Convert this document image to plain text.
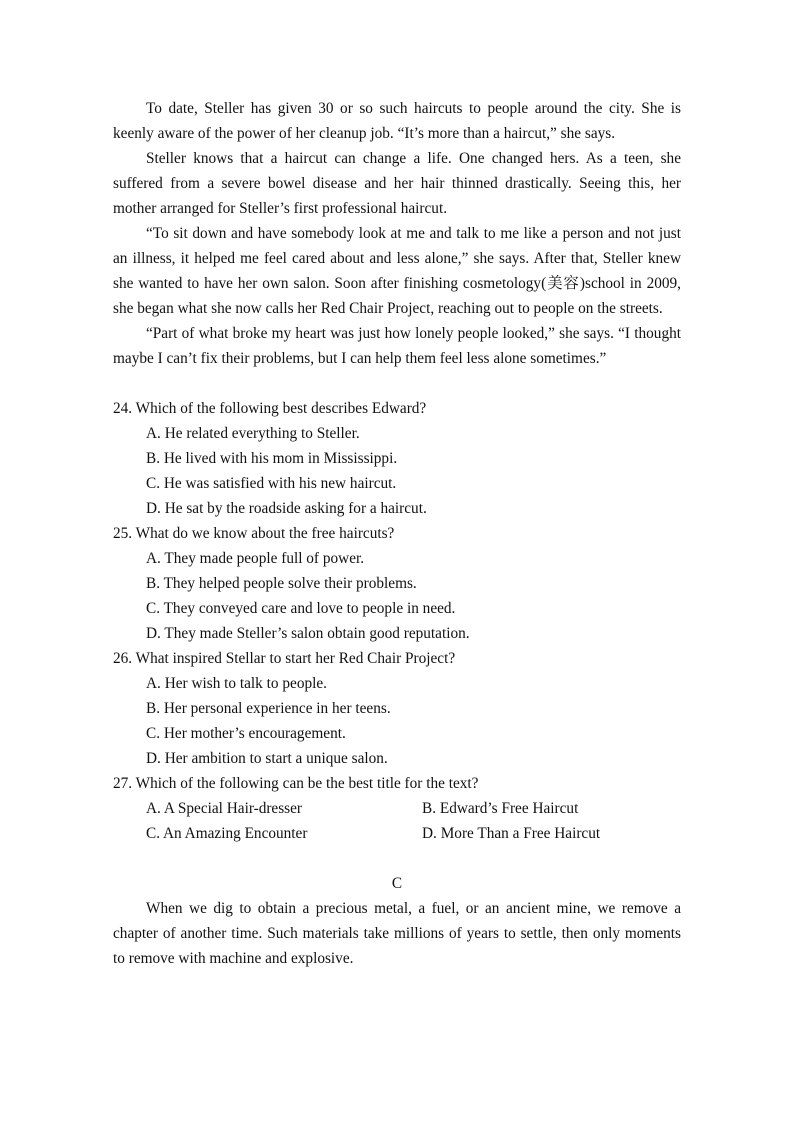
To date, Steller has given 30 or so such haircuts to people around the city. She is keenly aware of the power of her cleanup job. “It’s more than a haircut,” she says.

Steller knows that a haircut can change a life. One changed hers. As a teen, she suffered from a severe bowel disease and her hair thinned drastically. Seeing this, her mother arranged for Steller’s first professional haircut.

“To sit down and have somebody look at me and talk to me like a person and not just an illness, it helped me feel cared about and less alone,” she says. After that, Steller knew she wanted to have her own salon. Soon after finishing cosmetology(美容)school in 2009, she began what she now calls her Red Chair Project, reaching out to people on the streets.

“Part of what broke my heart was just how lonely people looked,” she says. “I thought maybe I can’t fix their problems, but I can help them feel less alone sometimes.”

24. Which of the following best describes Edward?

A. He related everything to Steller.

B. He lived with his mom in Mississippi.

C. He was satisfied with his new haircut.

D. He sat by the roadside asking for a haircut.

25. What do we know about the free haircuts?

A. They made people full of power.

B. They helped people solve their problems.

C. They conveyed care and love to people in need.

D. They made Steller’s salon obtain good reputation.

26. What inspired Stellar to start her Red Chair Project?

A. Her wish to talk to people.

B. Her personal experience in her teens.

C. Her mother’s encouragement.

D. Her ambition to start a unique salon.

27. Which of the following can be the best title for the text?

A. A Special Hair-dresser	B. Edward’s Free Haircut
C. An Amazing Encounter	D. More Than a Free Haircut

C

When we dig to obtain a precious metal, a fuel, or an ancient mine, we remove a chapter of another time. Such materials take millions of years to settle, then only moments to remove with machine and explosive.
